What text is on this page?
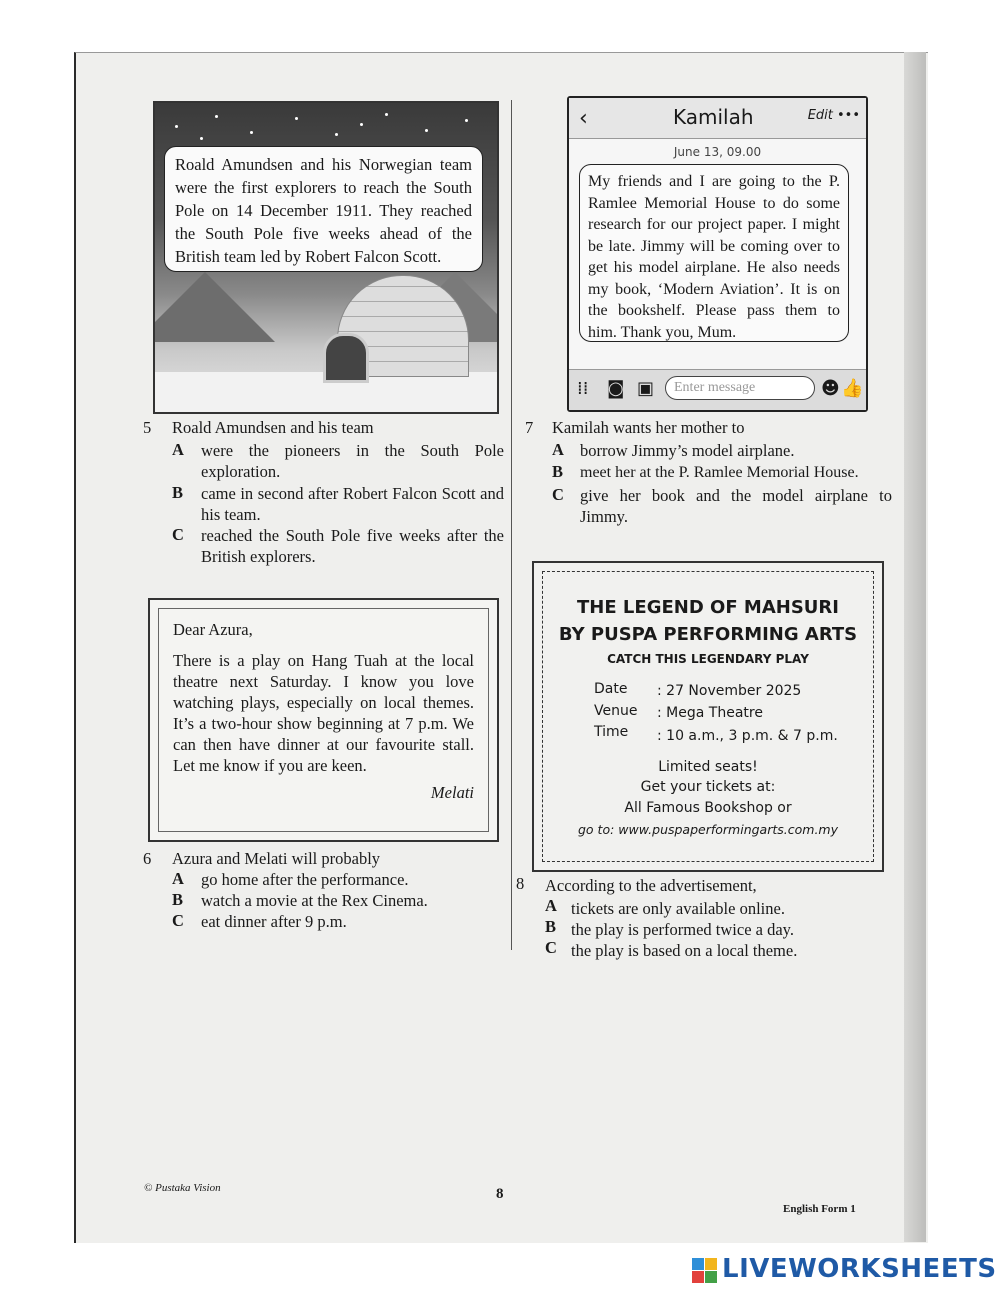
Roald Amundsen and his Norwegian team were the first explorers to reach the South Pole on 14 December 1911. They reached the South Pole five weeks ahead of the British team led by Robert Falcon Scott.
5 Roald Amundsen and his team
A were the pioneers in the South Pole exploration.
B came in second after Robert Falcon Scott and his team.
C reached the South Pole five weeks after the British explorers.
Dear Azura,
There is a play on Hang Tuah at the local theatre next Saturday. I know you love watching plays, especially on local themes. It’s a two-hour show beginning at 7 p.m. We can then have dinner at our favourite stall. Let me know if you are keen.
Melati
6 Azura and Melati will probably
A go home after the performance.
B watch a movie at the Rex Cinema.
C eat dinner after 9 p.m.
‹	Kamilah	Edit •••
June 13, 09.00
My friends and I are going to the P. Ramlee Memorial House to do some research for our project paper. I might be late. Jimmy will be coming over to get his model airplane. He also needs my book, ‘Modern Aviation’. It is on the bookshelf. Please pass them to him. Thank you, Mum.
⁞⁞ ◙ ▣	Enter message	☻ 👍
7 Kamilah wants her mother to
A borrow Jimmy’s model airplane.
B meet her at the P. Ramlee Memorial House.
C give her book and the model airplane to Jimmy.
THE LEGEND OF MAHSURI
BY PUSPA PERFORMING ARTS
CATCH THIS LEGENDARY PLAY
Date : 27 November 2025
Venue : Mega Theatre
Time : 10 a.m., 3 p.m. & 7 p.m.
Limited seats!
Get your tickets at:
All Famous Bookshop or
go to: www.puspaperformingarts.com.my
8 According to the advertisement,
A tickets are only available online.
B the play is performed twice a day.
C the play is based on a local theme.
© Pustaka Vision	8
English Form 1
LIVEWORKSHEETS
